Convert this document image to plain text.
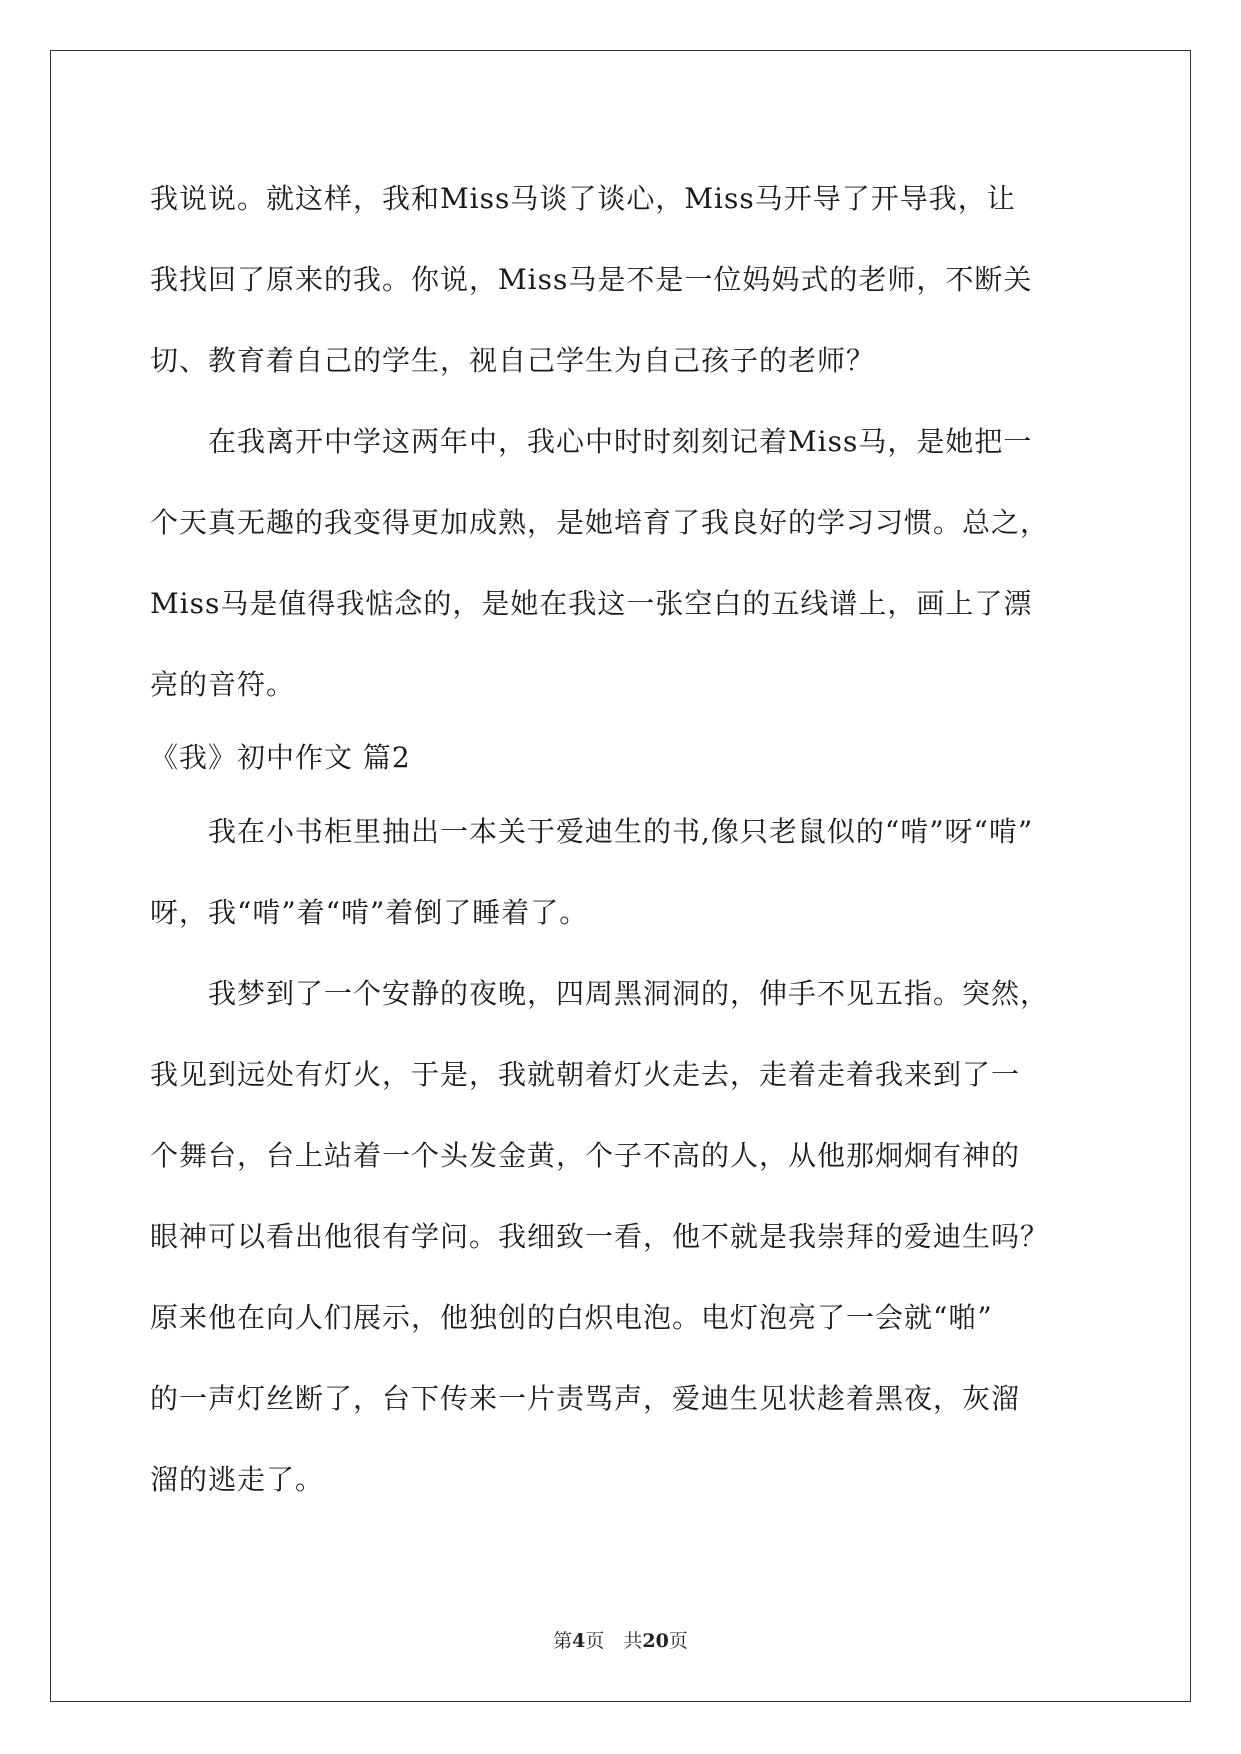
我说说。就这样，我和Miss马谈了谈心，Miss马开导了开导我，让
我找回了原来的我。你说，Miss马是不是一位妈妈式的老师，不断关
切、教育着自己的学生，视自己学生为自己孩子的老师？
　　在我离开中学这两年中，我心中时时刻刻记着Miss马，是她把一
个天真无趣的我变得更加成熟，是她培育了我良好的学习习惯。总之，
Miss马是值得我惦念的，是她在我这一张空白的五线谱上，画上了漂
亮的音符。
《我》初中作文 篇2
　　我在小书柜里抽出一本关于爱迪生的书,像只老鼠似的“啃”呀“啃”
呀，我“啃”着“啃”着倒了睡着了。
　　我梦到了一个安静的夜晚，四周黑洞洞的，伸手不见五指。突然，
我见到远处有灯火，于是，我就朝着灯火走去，走着走着我来到了一
个舞台，台上站着一个头发金黄，个子不高的人，从他那炯炯有神的
眼神可以看出他很有学问。我细致一看，他不就是我崇拜的爱迪生吗？
原来他在向人们展示，他独创的白炽电泡。电灯泡亮了一会就“啪”
的一声灯丝断了，台下传来一片责骂声，爱迪生见状趁着黑夜，灰溜
溜的逃走了。
第4页　共20页
